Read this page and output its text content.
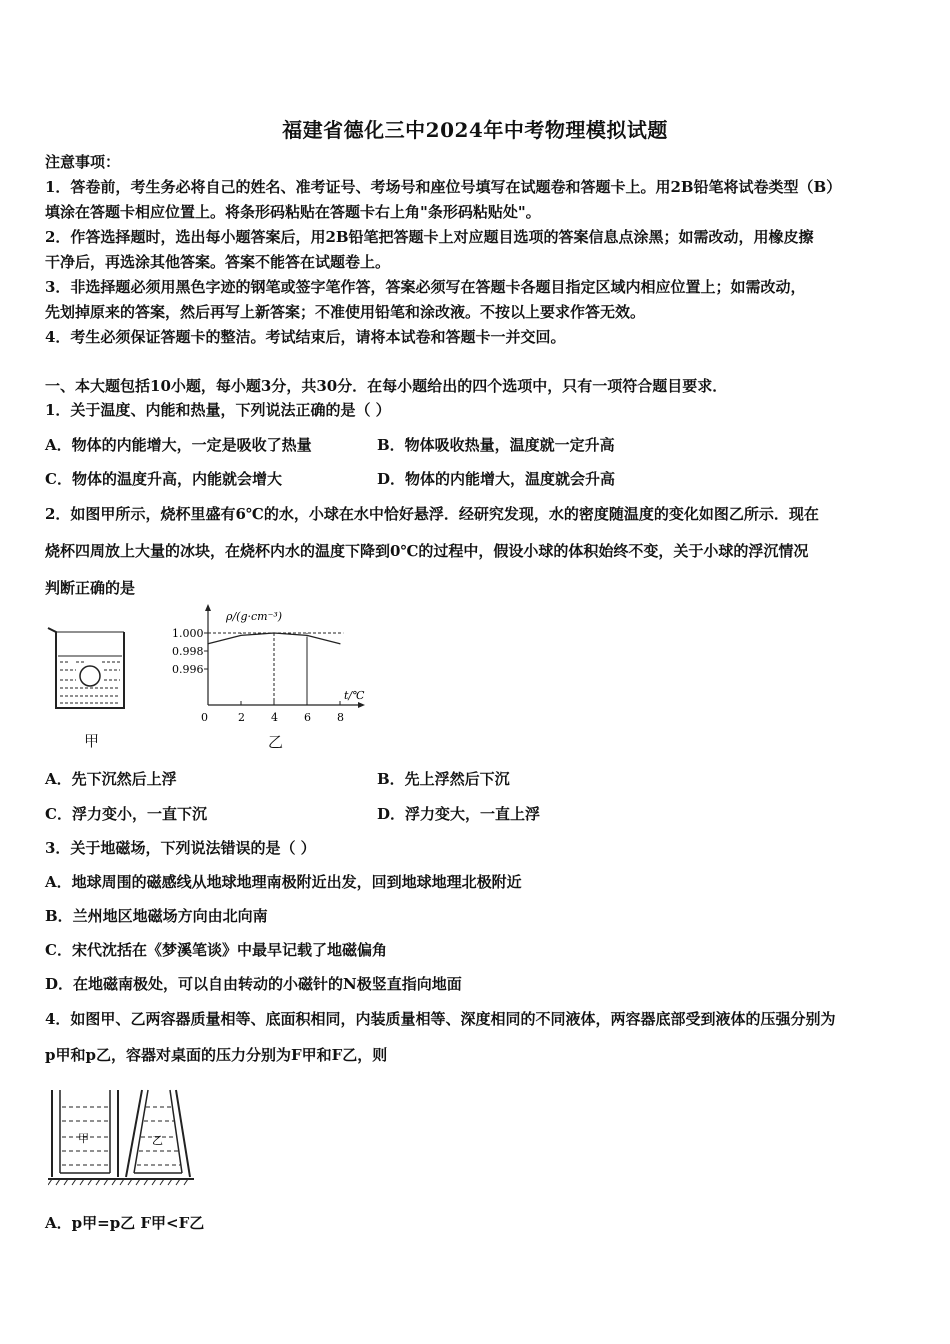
福建省德化三中2024年中考物理模拟试题
注意事项：
1．答卷前，考生务必将自己的姓名、准考证号、考场号和座位号填写在试题卷和答题卡上。用2B铅笔将试卷类型（B）
填涂在答题卡相应位置上。将条形码粘贴在答题卡右上角"条形码粘贴处"。
2．作答选择题时，选出每小题答案后，用2B铅笔把答题卡上对应题目选项的答案信息点涂黑；如需改动，用橡皮擦
干净后，再选涂其他答案。答案不能答在试题卷上。
3．非选择题必须用黑色字迹的钢笔或签字笔作答，答案必须写在答题卡各题目指定区域内相应位置上；如需改动，
先划掉原来的答案，然后再写上新答案；不准使用铅笔和涂改液。不按以上要求作答无效。
4．考生必须保证答题卡的整洁。考试结束后，请将本试卷和答题卡一并交回。
一、本大题包括10小题，每小题3分，共30分．在每小题给出的四个选项中，只有一项符合题目要求．
1．关于温度、内能和热量，下列说法正确的是（ ）
A．物体的内能增大，一定是吸收了热量	B．物体吸收热量，温度就一定升高
C．物体的温度升高，内能就会增大	D．物体的内能增大，温度就会升高
2．如图甲所示，烧杯里盛有6℃的水，小球在水中恰好悬浮．经研究发现，水的密度随温度的变化如图乙所示．现在
烧杯四周放上大量的冰块，在烧杯内水的温度下降到0℃的过程中，假设小球的体积始终不变，关于小球的浮沉情况
判断正确的是
甲
ρ/(g·cm⁻³)
t/℃
0
1.000
0.998
0.996
2 4 6 8
乙
A．先下沉然后上浮	B．先上浮然后下沉
C．浮力变小，一直下沉	D．浮力变大，一直上浮
3．关于地磁场，下列说法错误的是（ ）
A．地球周围的磁感线从地球地理南极附近出发，回到地球地理北极附近
B．兰州地区地磁场方向由北向南
C．宋代沈括在《梦溪笔谈》中最早记载了地磁偏角
D．在地磁南极处，可以自由转动的小磁针的N极竖直指向地面
4．如图甲、乙两容器质量相等、底面积相同，内装质量相等、深度相同的不同液体，两容器底部受到液体的压强分别为
p甲和p乙，容器对桌面的压力分别为F甲和F乙，则
甲	乙
A．p甲=p乙 F甲<F乙
